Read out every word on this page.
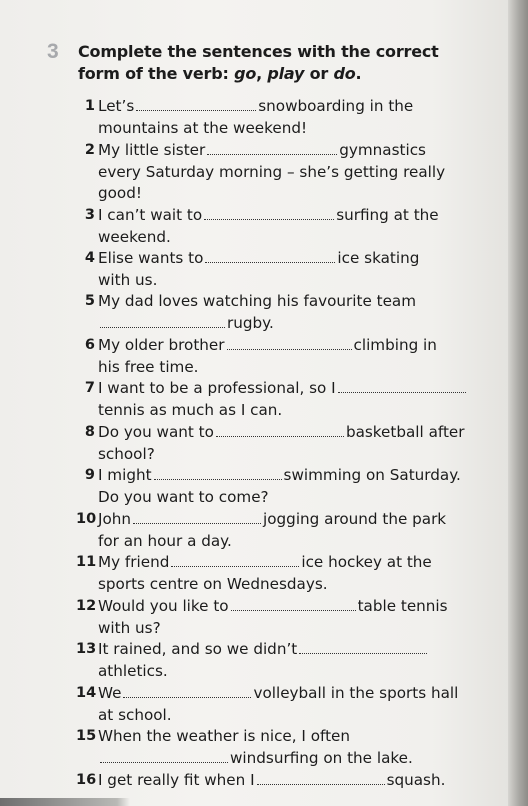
3 Complete the sentences with the correct form of the verb: go, play or do.
1 Let’s	snowboarding in the
mountains at the weekend!
2 My little sister	gymnastics
every Saturday morning – she’s getting really
good!
3 I can’t wait to	surfing at the
weekend.
4 Elise wants to	ice skating
with us.
5 My dad loves watching his favourite team
rugby.
6 My older brother	climbing in
his free time.
7 I want to be a professional, so I
tennis as much as I can.
8 Do you want to	basketball after
school?
9 I might	swimming on Saturday.
Do you want to come?
10 John	jogging around the park
for an hour a day.
11 My friend	ice hockey at the
sports centre on Wednesdays.
12 Would you like to	table tennis
with us?
13 It rained, and so we didn’t
athletics.
14 We	volleyball in the sports hall
at school.
15 When the weather is nice, I often
windsurfing on the lake.
16 I get really fit when I	squash.
